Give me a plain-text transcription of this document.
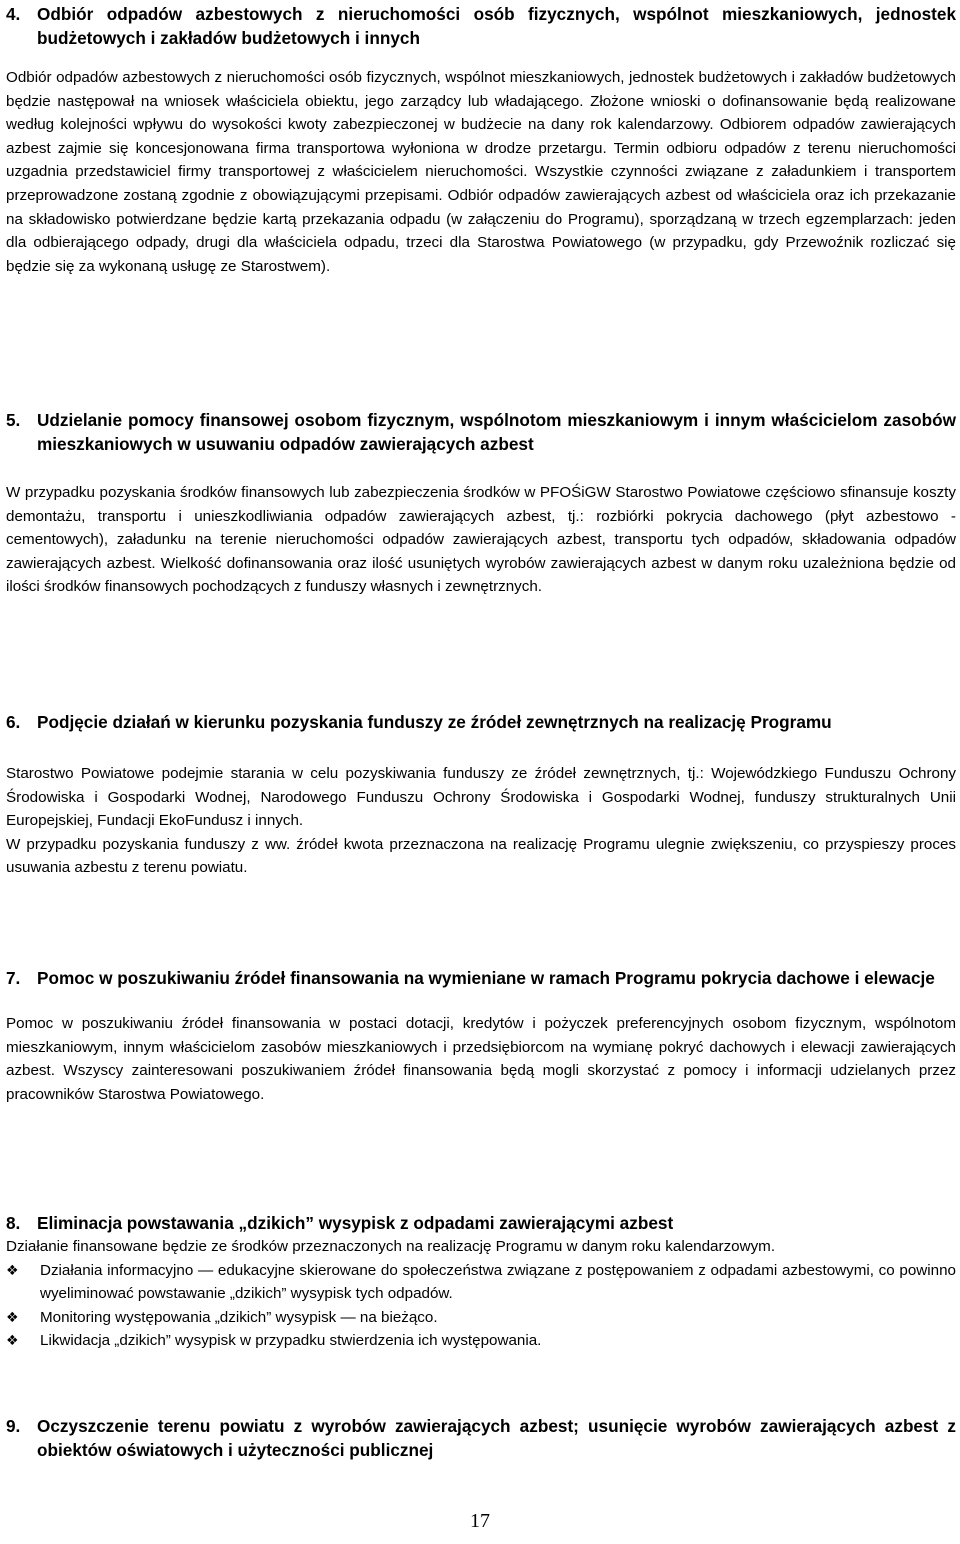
4. Odbiór odpadów azbestowych z nieruchomości osób fizycznych, wspólnot mieszkaniowych, jednostek budżetowych i zakładów budżetowych i innych

Odbiór odpadów azbestowych z nieruchomości osób fizycznych, wspólnot mieszkaniowych, jednostek budżetowych i zakładów budżetowych będzie następował na wniosek właściciela obiektu, jego zarządcy lub władającego. Złożone wnioski o dofinansowanie będą realizowane według kolejności wpływu do wysokości kwoty zabezpieczonej w budżecie na dany rok kalendarzowy. Odbiorem odpadów zawierających azbest zajmie się koncesjonowana firma transportowa wyłoniona w drodze przetargu. Termin odbioru odpadów z terenu nieruchomości uzgadnia przedstawiciel firmy transportowej z właścicielem nieruchomości. Wszystkie czynności związane z załadunkiem i transportem przeprowadzone zostaną zgodnie z obowiązującymi przepisami. Odbiór odpadów zawierających azbest od właściciela oraz ich przekazanie na składowisko potwierdzane będzie kartą przekazania odpadu (w załączeniu do Programu), sporządzaną w trzech egzemplarzach: jeden dla odbierającego odpady, drugi dla właściciela odpadu, trzeci dla Starostwa Powiatowego (w przypadku, gdy Przewoźnik rozliczać się będzie się za wykonaną usługę ze Starostwem).

5. Udzielanie pomocy finansowej osobom fizycznym, wspólnotom mieszkaniowym i innym właścicielom zasobów mieszkaniowych w usuwaniu odpadów zawierających azbest

W przypadku pozyskania środków finansowych lub zabezpieczenia środków w PFOŚiGW Starostwo Powiatowe częściowo sfinansuje koszty demontażu, transportu i unieszkodliwiania odpadów zawierających azbest, tj.: rozbiórki pokrycia dachowego (płyt azbestowo - cementowych), załadunku na terenie nieruchomości odpadów zawierających azbest, transportu tych odpadów, składowania odpadów zawierających azbest. Wielkość dofinansowania oraz ilość usuniętych wyrobów zawierających azbest w danym roku uzależniona będzie od ilości środków finansowych pochodzących z funduszy własnych i zewnętrznych.

6. Podjęcie działań w kierunku pozyskania funduszy ze źródeł zewnętrznych na realizację Programu

Starostwo Powiatowe podejmie starania w celu pozyskiwania funduszy ze źródeł zewnętrznych, tj.: Wojewódzkiego Funduszu Ochrony Środowiska i Gospodarki Wodnej, Narodowego Funduszu Ochrony Środowiska i Gospodarki Wodnej, funduszy strukturalnych Unii Europejskiej, Fundacji EkoFundusz i innych.

W przypadku pozyskania funduszy z ww. źródeł kwota przeznaczona na realizację Programu ulegnie zwiększeniu, co przyspieszy proces usuwania azbestu z terenu powiatu.

7. Pomoc w poszukiwaniu źródeł finansowania na wymieniane w ramach Programu pokrycia dachowe i elewacje

Pomoc w poszukiwaniu źródeł finansowania w postaci dotacji, kredytów i pożyczek preferencyjnych osobom fizycznym, wspólnotom mieszkaniowym, innym właścicielom zasobów mieszkaniowych i przedsiębiorcom na wymianę pokryć dachowych i elewacji zawierających azbest. Wszyscy zainteresowani poszukiwaniem źródeł finansowania będą mogli skorzystać z pomocy i informacji udzielanych przez pracowników Starostwa Powiatowego.

8. Eliminacja powstawania „dzikich” wysypisk z odpadami zawierającymi azbest

Działanie finansowane będzie ze środków przeznaczonych na realizację Programu w danym roku kalendarzowym.

❖	Działania informacyjno — edukacyjne skierowane do społeczeństwa związane z postępowaniem z odpadami azbestowymi, co powinno wyeliminować powstawanie „dzikich” wysypisk tych odpadów.
❖	Monitoring występowania „dzikich” wysypisk — na bieżąco.
❖	Likwidacja „dzikich” wysypisk w przypadku stwierdzenia ich występowania.
9. Oczyszczenie terenu powiatu z wyrobów zawierających azbest; usunięcie wyrobów zawierających azbest z obiektów oświatowych i użyteczności publicznej
17
